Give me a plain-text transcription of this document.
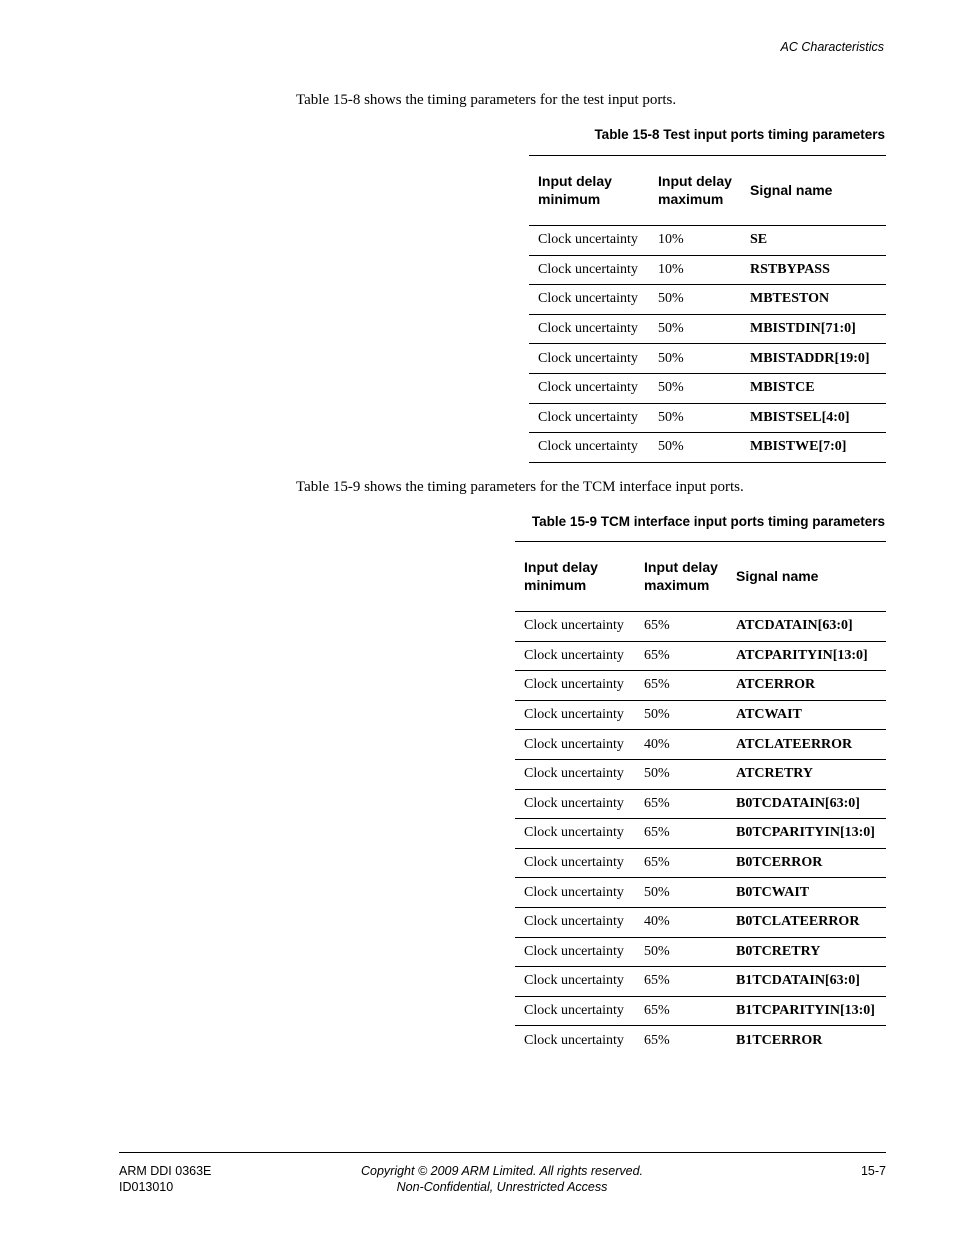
AC Characteristics

Table 15-8 shows the timing parameters for the test input ports.

Table 15-8 Test input ports timing parameters
Input delay minimum	Input delay maximum	Signal name
Clock uncertainty	10%	SE
Clock uncertainty	10%	RSTBYPASS
Clock uncertainty	50%	MBTESTON
Clock uncertainty	50%	MBISTDIN[71:0]
Clock uncertainty	50%	MBISTADDR[19:0]
Clock uncertainty	50%	MBISTCE
Clock uncertainty	50%	MBISTSEL[4:0]
Clock uncertainty	50%	MBISTWE[7:0]

Table 15-9 shows the timing parameters for the TCM interface input ports.

Table 15-9 TCM interface input ports timing parameters
Input delay minimum	Input delay maximum	Signal name
Clock uncertainty	65%	ATCDATAIN[63:0]
Clock uncertainty	65%	ATCPARITYIN[13:0]
Clock uncertainty	65%	ATCERROR
Clock uncertainty	50%	ATCWAIT
Clock uncertainty	40%	ATCLATEERROR
Clock uncertainty	50%	ATCRETRY
Clock uncertainty	65%	B0TCDATAIN[63:0]
Clock uncertainty	65%	B0TCPARITYIN[13:0]
Clock uncertainty	65%	B0TCERROR
Clock uncertainty	50%	B0TCWAIT
Clock uncertainty	40%	B0TCLATEERROR
Clock uncertainty	50%	B0TCRETRY
Clock uncertainty	65%	B1TCDATAIN[63:0]
Clock uncertainty	65%	B1TCPARITYIN[13:0]
Clock uncertainty	65%	B1TCERROR
ARM DDI 0363E
ID013010
Copyright © 2009 ARM Limited. All rights reserved.
Non-Confidential, Unrestricted Access
15-7
